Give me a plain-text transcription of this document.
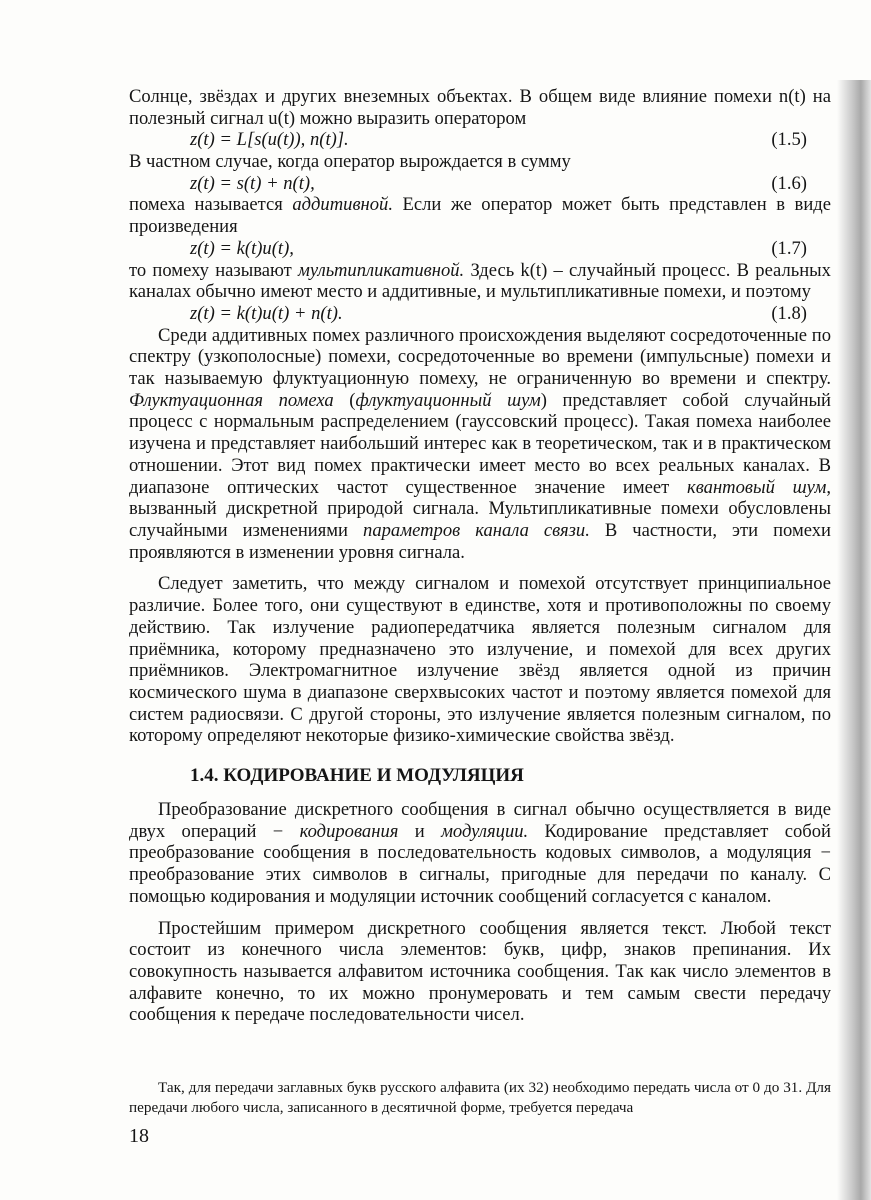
Солнце, звёздах и других внеземных объектах. В общем виде влияние помехи n(t) на полезный сигнал u(t) можно выразить оператором

z(t) = L[s(u(t)), n(t)].	(1.5)

В частном случае, когда оператор вырождается в сумму

z(t) = s(t) + n(t),	(1.6)

помеха называется аддитивной. Если же оператор может быть представлен в виде произведения

z(t) = k(t)u(t),	(1.7)

то помеху называют мультипликативной. Здесь k(t) – случайный процесс. В реальных каналах обычно имеют место и аддитивные, и мультипликативные помехи, и поэтому

z(t) = k(t)u(t) + n(t).	(1.8)

Среди аддитивных помех различного происхождения выделяют сосредоточенные по спектру (узкополосные) помехи, сосредоточенные во времени (импульсные) помехи и так называемую флуктуационную помеху, не ограниченную во времени и спектру. Флуктуационная помеха (флуктуационный шум) представляет собой случайный процесс с нормальным распределением (гауссовский процесс). Такая помеха наиболее изучена и представляет наибольший интерес как в теоретическом, так и в практическом отношении. Этот вид помех практически имеет место во всех реальных каналах. В диапазоне оптических частот существенное значение имеет квантовый шум, вызванный дискретной природой сигнала. Мультипликативные помехи обусловлены случайными изменениями параметров канала связи. В частности, эти помехи проявляются в изменении уровня сигнала.

Следует заметить, что между сигналом и помехой отсутствует принципиальное различие. Более того, они существуют в единстве, хотя и противоположны по своему действию. Так излучение радиопередатчика является полезным сигналом для приёмника, которому предназначено это излучение, и помехой для всех других приёмников. Электромагнитное излучение звёзд является одной из причин космического шума в диапазоне сверхвысоких частот и поэтому является помехой для систем радиосвязи. С другой стороны, это излучение является полезным сигналом, по которому определяют некоторые физико-химические свойства звёзд.

1.4. КОДИРОВАНИЕ И МОДУЛЯЦИЯ

Преобразование дискретного сообщения в сигнал обычно осуществляется в виде двух операций − кодирования и модуляции. Кодирование представляет собой преобразование сообщения в последовательность кодовых символов, а модуляция − преобразование этих символов в сигналы, пригодные для передачи по каналу. С помощью кодирования и модуляции источник сообщений согласуется с каналом.

Простейшим примером дискретного сообщения является текст. Любой текст состоит из конечного числа элементов: букв, цифр, знаков препинания. Их совокупность называется алфавитом источника сообщения. Так как число элементов в алфавите конечно, то их можно пронумеровать и тем самым свести передачу сообщения к передаче последовательности чисел.

Так, для передачи заглавных букв русского алфавита (их 32) необходимо передать числа от 0 до 31. Для передачи любого числа, записанного в десятичной форме, требуется передача

18
